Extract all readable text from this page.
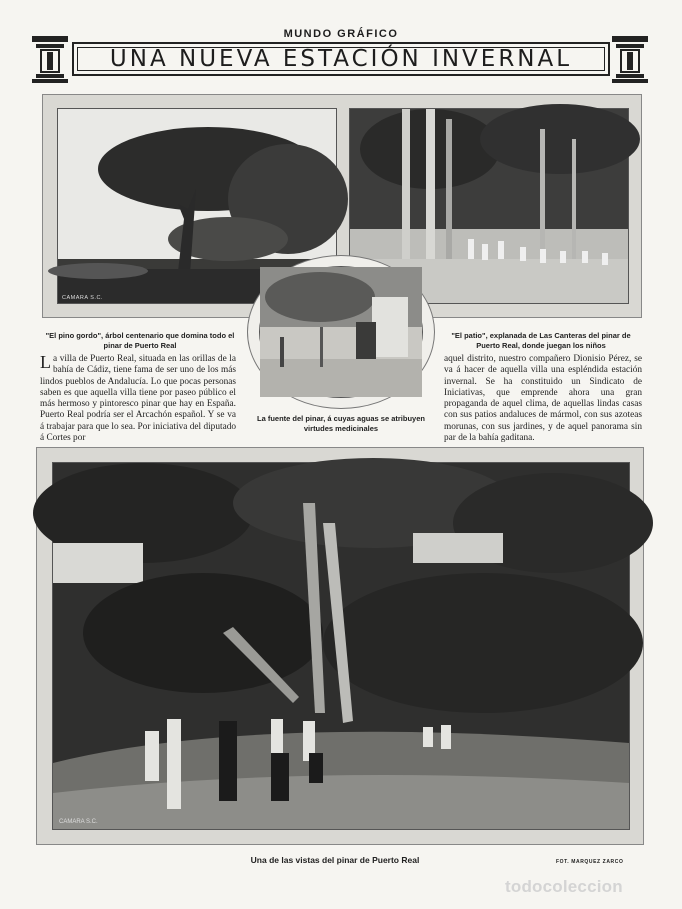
MUNDO GRÁFICO
UNA NUEVA ESTACIÓN INVERNAL
CAMARA S.C.
"El pino gordo", árbol centenario que domina todo el pinar de Puerto Real
"El patio", explanada de Las Canteras del pinar de Puerto Real, donde juegan los niños
La fuente del pinar, á cuyas aguas se atribuyen virtudes medicinales
La villa de Puerto Real, situada en las orillas de la bahía de Cádiz, tiene fama de ser uno de los más lindos pueblos de Andalucía. Lo que pocas personas saben es que aquella villa tiene por paseo público el más hermoso y pintoresco pinar que hay en España. Puerto Real podría ser el Arcachón español. Y se va á trabajar para que lo sea. Por iniciativa del diputado á Cortes por
aquel distrito, nuestro compañero Dionisio Pérez, se va á hacer de aquella villa una espléndida estación invernal. Se ha constituido un Sindicato de Iniciativas, que emprende ahora una gran propaganda de aquel clima, de aquellas lindas casas con sus patios andaluces de mármol, con sus azoteas morunas, con sus jardines, y de aquel panorama sin par de la bahía gaditana.
CAMARA S.C.
Una de las vistas del pinar de Puerto Real	FOT. MARQUEZ ZARCO
todocoleccion
